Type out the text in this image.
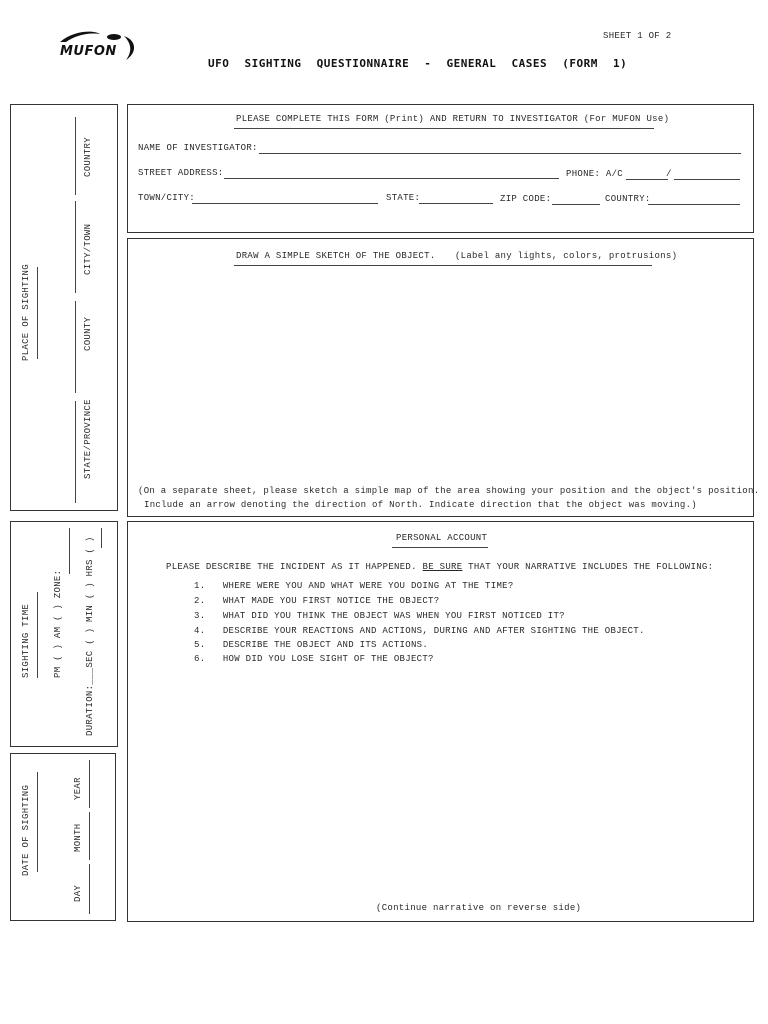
SHEET 1 OF 2
MUFON
UFO SIGHTING QUESTIONNAIRE - GENERAL CASES (FORM 1)
PLACE OF SIGHTING
COUNTRY
CITY/TOWN
COUNTY
STATE/PROVINCE
SIGHTING TIME PM ( ) AM ( ) ZONE: DURATION:___SEC ( ) MIN ( ) HRS ( )
DATE OF SIGHTING	YEAR
MONTH
DAY
PLEASE COMPLETE THIS FORM (Print) AND RETURN TO INVESTIGATOR (For MUFON Use)
NAME OF INVESTIGATOR:
STREET ADDRESS:	PHONE: A/C	/
TOWN/CITY:	STATE:	ZIP CODE:	COUNTRY:
DRAW A SIMPLE SKETCH OF THE OBJECT. (Label any lights, colors, protrusions)
(On a separate sheet, please sketch a simple map of the area showing your position and the object's position.
Include an arrow denoting the direction of North. Indicate direction that the object was moving.)
PERSONAL ACCOUNT
PLEASE DESCRIBE THE INCIDENT AS IT HAPPENED. BE SURE THAT YOUR NARRATIVE INCLUDES THE FOLLOWING:
1. WHERE WERE YOU AND WHAT WERE YOU DOING AT THE TIME?
2. WHAT MADE YOU FIRST NOTICE THE OBJECT?
3. WHAT DID YOU THINK THE OBJECT WAS WHEN YOU FIRST NOTICED IT?
4. DESCRIBE YOUR REACTIONS AND ACTIONS, DURING AND AFTER SIGHTING THE OBJECT.
5. DESCRIBE THE OBJECT AND ITS ACTIONS.
6. HOW DID YOU LOSE SIGHT OF THE OBJECT?
(Continue narrative on reverse side)
